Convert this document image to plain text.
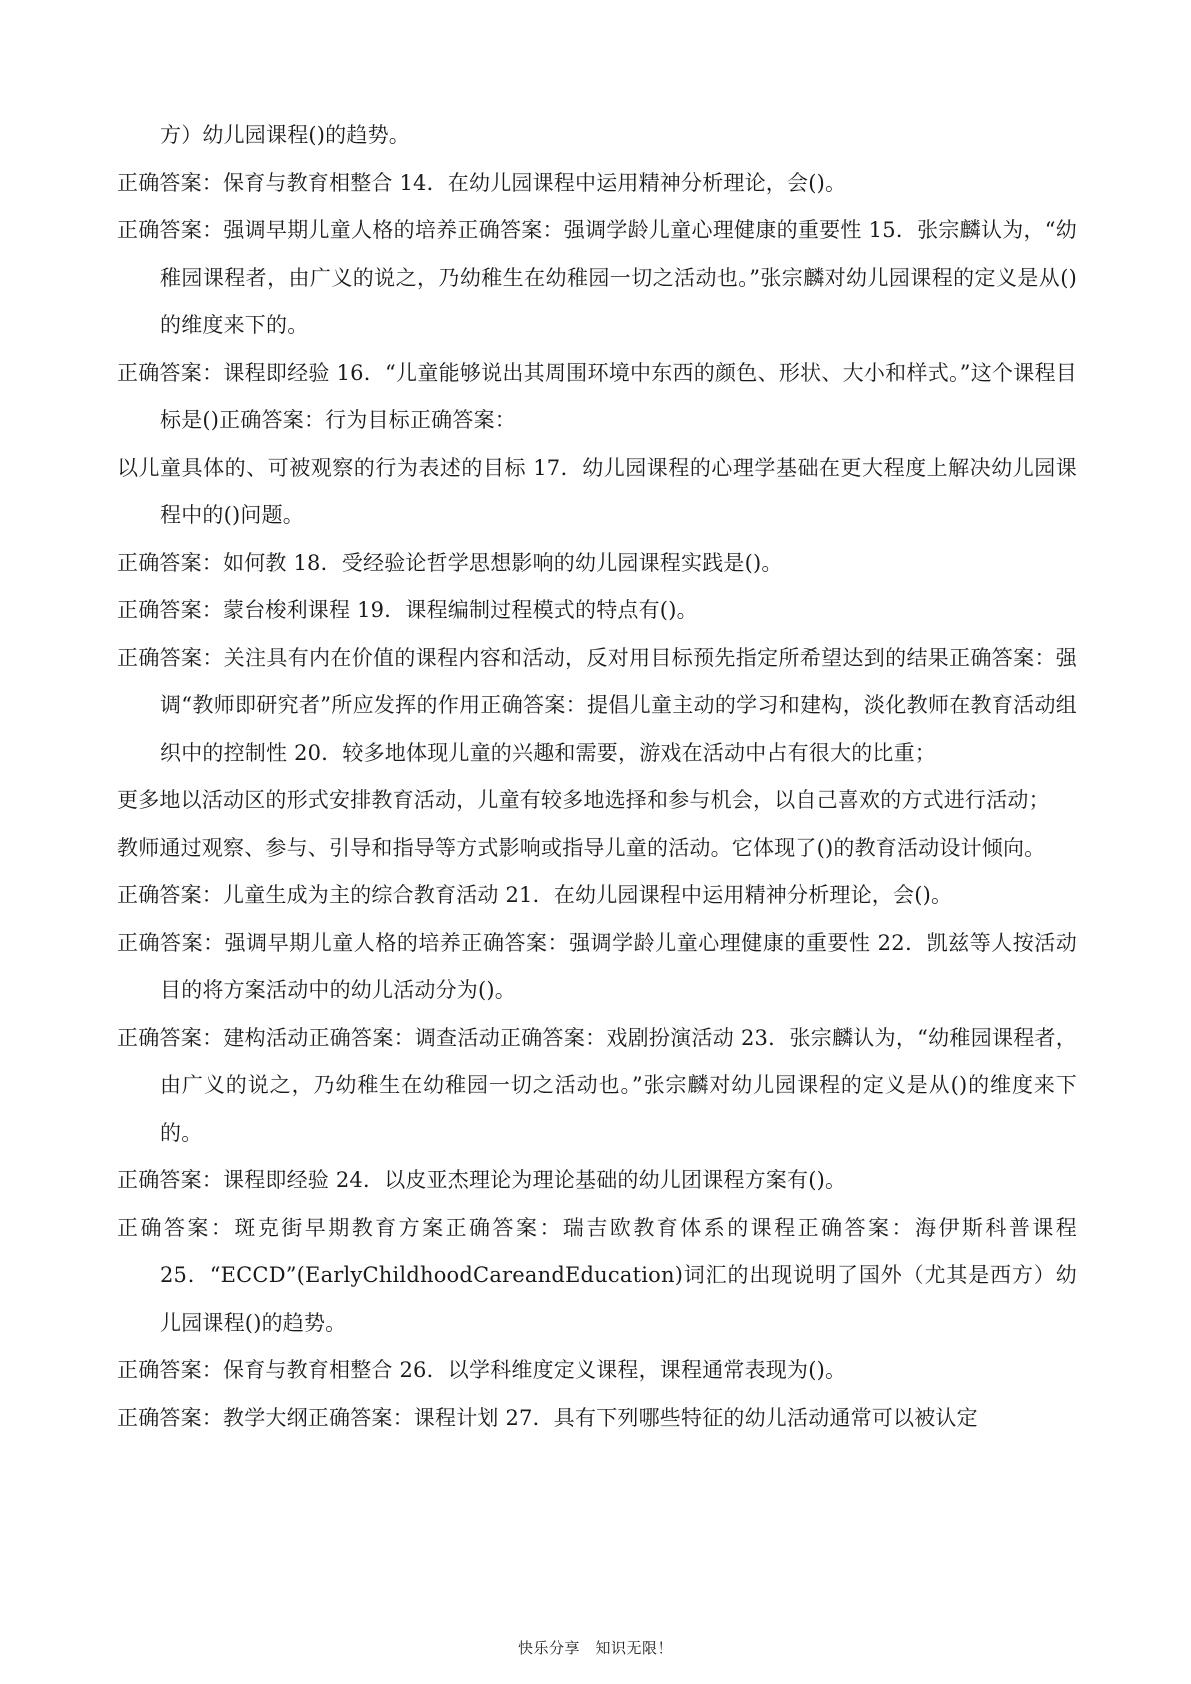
方）幼儿园课程()的趋势。

正确答案：保育与教育相整合 14．在幼儿园课程中运用精神分析理论，会()。

正确答案：强调早期儿童人格的培养正确答案：强调学龄儿童心理健康的重要性 15．张宗麟认为，“幼稚园课程者，由广义的说之，乃幼稚生在幼稚园一切之活动也。”张宗麟对幼儿园课程的定义是从()的维度来下的。

正确答案：课程即经验 16．“儿童能够说出其周围环境中东西的颜色、形状、大小和样式。”这个课程目标是()正确答案：行为目标正确答案：

以儿童具体的、可被观察的行为表述的目标 17．幼儿园课程的心理学基础在更大程度上解决幼儿园课程中的()问题。

正确答案：如何教 18．受经验论哲学思想影响的幼儿园课程实践是()。

正确答案：蒙台梭利课程 19．课程编制过程模式的特点有()。

正确答案：关注具有内在价值的课程内容和活动，反对用目标预先指定所希望达到的结果正确答案：强调“教师即研究者”所应发挥的作用正确答案：提倡儿童主动的学习和建构，淡化教师在教育活动组织中的控制性 20．较多地体现儿童的兴趣和需要，游戏在活动中占有很大的比重；

更多地以活动区的形式安排教育活动，儿童有较多地选择和参与机会，以自己喜欢的方式进行活动；

教师通过观察、参与、引导和指导等方式影响或指导儿童的活动。它体现了()的教育活动设计倾向。

正确答案：儿童生成为主的综合教育活动 21．在幼儿园课程中运用精神分析理论，会()。

正确答案：强调早期儿童人格的培养正确答案：强调学龄儿童心理健康的重要性 22．凯兹等人按活动目的将方案活动中的幼儿活动分为()。

正确答案：建构活动正确答案：调查活动正确答案：戏剧扮演活动 23．张宗麟认为，“幼稚园课程者，由广义的说之，乃幼稚生在幼稚园一切之活动也。”张宗麟对幼儿园课程的定义是从()的维度来下的。

正确答案：课程即经验 24．以皮亚杰理论为理论基础的幼儿团课程方案有()。

正确答案：斑克街早期教育方案正确答案：瑞吉欧教育体系的课程正确答案：海伊斯科普课程 25．“ECCD”(EarlyChildhoodCareandEducation)词汇的出现说明了国外（尤其是西方）幼儿园课程()的趋势。

正确答案：保育与教育相整合 26．以学科维度定义课程，课程通常表现为()。

正确答案：教学大纲正确答案：课程计划 27．具有下列哪些特征的幼儿活动通常可以被认定

快乐分享　知识无限！
